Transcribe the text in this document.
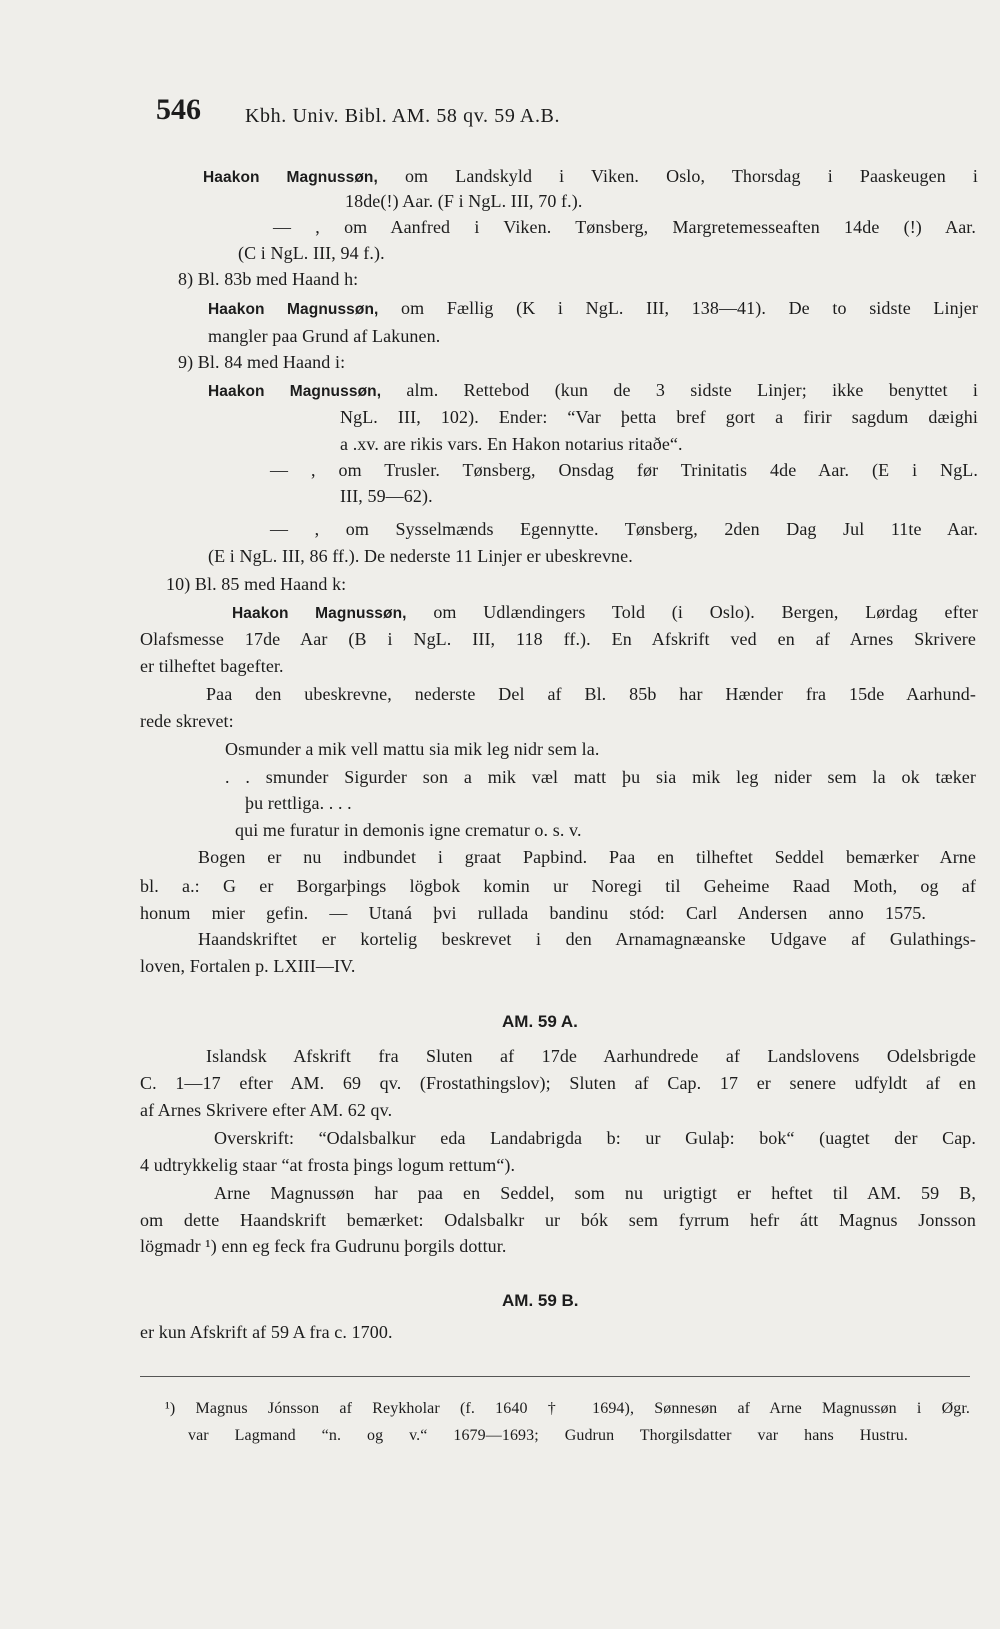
546 Kbh. Univ. Bibl. AM. 58 qv. 59 A.B.
Haakon Magnussøn, om Landskyld i Viken. Oslo, Thorsdag i Paaskeugen i
18de(!) Aar. (F i NgL. III, 70 f.).
— , om Aanfred i Viken. Tønsberg, Margretemesseaften 14de (!) Aar.
(C i NgL. III, 94 f.).
8) Bl. 83b med Haand h:
Haakon Magnussøn, om Fællig (K i NgL. III, 138—41). De to sidste Linjer
mangler paa Grund af Lakunen.
9) Bl. 84 med Haand i:
Haakon Magnussøn, alm. Rettebod (kun de 3 sidste Linjer; ikke benyttet i
NgL. III, 102). Ender: “Var þetta bref gort a firir sagdum dæighi
a .xv. are rikis vars. En Hakon notarius ritaðe“.
— , om Trusler. Tønsberg, Onsdag før Trinitatis 4de Aar. (E i NgL.
III, 59—62).
— , om Sysselmænds Egennytte. Tønsberg, 2den Dag Jul 11te Aar.
(E i NgL. III, 86 ff.). De nederste 11 Linjer er ubeskrevne.
10) Bl. 85 med Haand k:
Haakon Magnussøn, om Udlændingers Told (i Oslo). Bergen, Lørdag efter
Olafsmesse 17de Aar (B i NgL. III, 118 ff.). En Afskrift ved en af Arnes Skrivere
er tilheftet bagefter.
Paa den ubeskrevne, nederste Del af Bl. 85b har Hænder fra 15de Aarhund-
rede skrevet:
Osmunder a mik vell mattu sia mik leg nidr sem la.
. . smunder Sigurder son a mik væl matt þu sia mik leg nider sem la ok tæker
þu rettliga. . . .
qui me furatur in demonis igne crematur o. s. v.
Bogen er nu indbundet i graat Papbind. Paa en tilheftet Seddel bemærker Arne
bl. a.: G er Borgarþings lögbok komin ur Noregi til Geheime Raad Moth, og af
honum mier gefin. — Utaná þvi rullada bandinu stód: Carl Andersen anno 1575.
Haandskriftet er kortelig beskrevet i den Arnamagnæanske Udgave af Gulathings-
loven, Fortalen p. LXIII—IV.
AM. 59 A.
Islandsk Afskrift fra Sluten af 17de Aarhundrede af Landslovens Odelsbrigde
C. 1—17 efter AM. 69 qv. (Frostathingslov); Sluten af Cap. 17 er senere udfyldt af en
af Arnes Skrivere efter AM. 62 qv.
Overskrift: “Odalsbalkur eda Landabrigda b: ur Gulaþ: bok“ (uagtet der Cap.
4 udtrykkelig staar “at frosta þings logum rettum“).
Arne Magnussøn har paa en Seddel, som nu urigtigt er heftet til AM. 59 B,
om dette Haandskrift bemærket: Odalsbalkr ur bók sem fyrrum hefr átt Magnus Jonsson
lögmadr ¹) enn eg feck fra Gudrunu þorgils dottur.
AM. 59 B.
er kun Afskrift af 59 A fra c. 1700.
¹) Magnus Jónsson af Reykholar (f. 1640 † 1694), Sønnesøn af Arne Magnussøn i Øgr.
var Lagmand “n. og v.“ 1679—1693; Gudrun Thorgilsdatter var hans Hustru.
